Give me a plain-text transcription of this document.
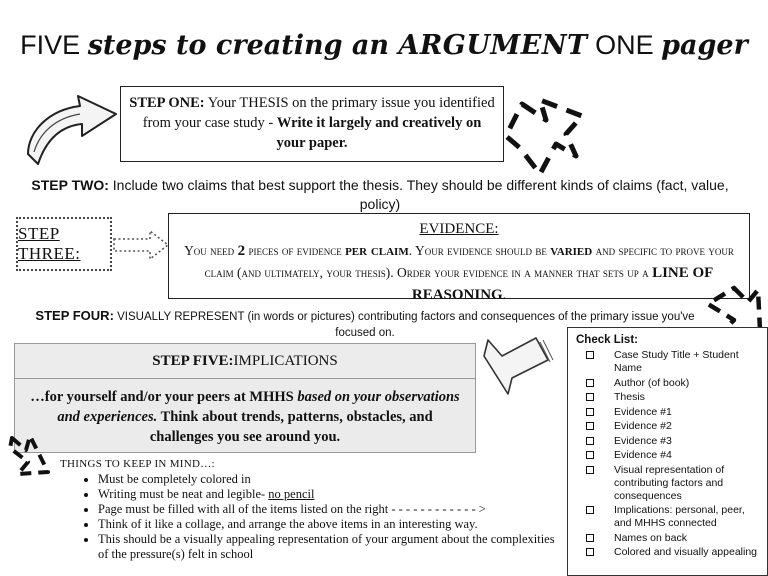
FIVE steps to creating an ARGUMENT ONE pager
STEP ONE: Your THESIS on the primary issue you identified from your case study - Write it largely and creatively on your paper.
STEP TWO: Include two claims that best support the thesis. They should be different kinds of claims (fact, value, policy)
STEP THREE:
EVIDENCE:
You need 2 pieces of evidence per claim. Your evidence should be varied and specific to prove your claim (and ultimately, your thesis). Order your evidence in a manner that sets up a LINE OF REASONING.
STEP FOUR: VISUALLY REPRESENT (in words or pictures) contributing factors and consequences of the primary issue you've focused on.
STEP FIVE: IMPLICATIONS
…for yourself and/or your peers at MHHS based on your observations and experiences. Think about trends, patterns, obstacles, and challenges you see around you.
THINGS TO KEEP IN MIND…:
• Must be completely colored in
• Writing must be neat and legible- no pencil
• Page must be filled with all of the items listed on the right - - - - - - - - - - - - >
• Think of it like a collage, and arrange the above items in an interesting way.
• This should be a visually appealing representation of your argument about the complexities of the pressure(s) felt in school
Check List:
Case Study Title + Student Name
Author (of book)
Thesis
Evidence #1
Evidence #2
Evidence #3
Evidence #4
Visual representation of contributing factors and consequences
Implications: personal, peer, and MHHS connected
Names on back
Colored and visually appealing
